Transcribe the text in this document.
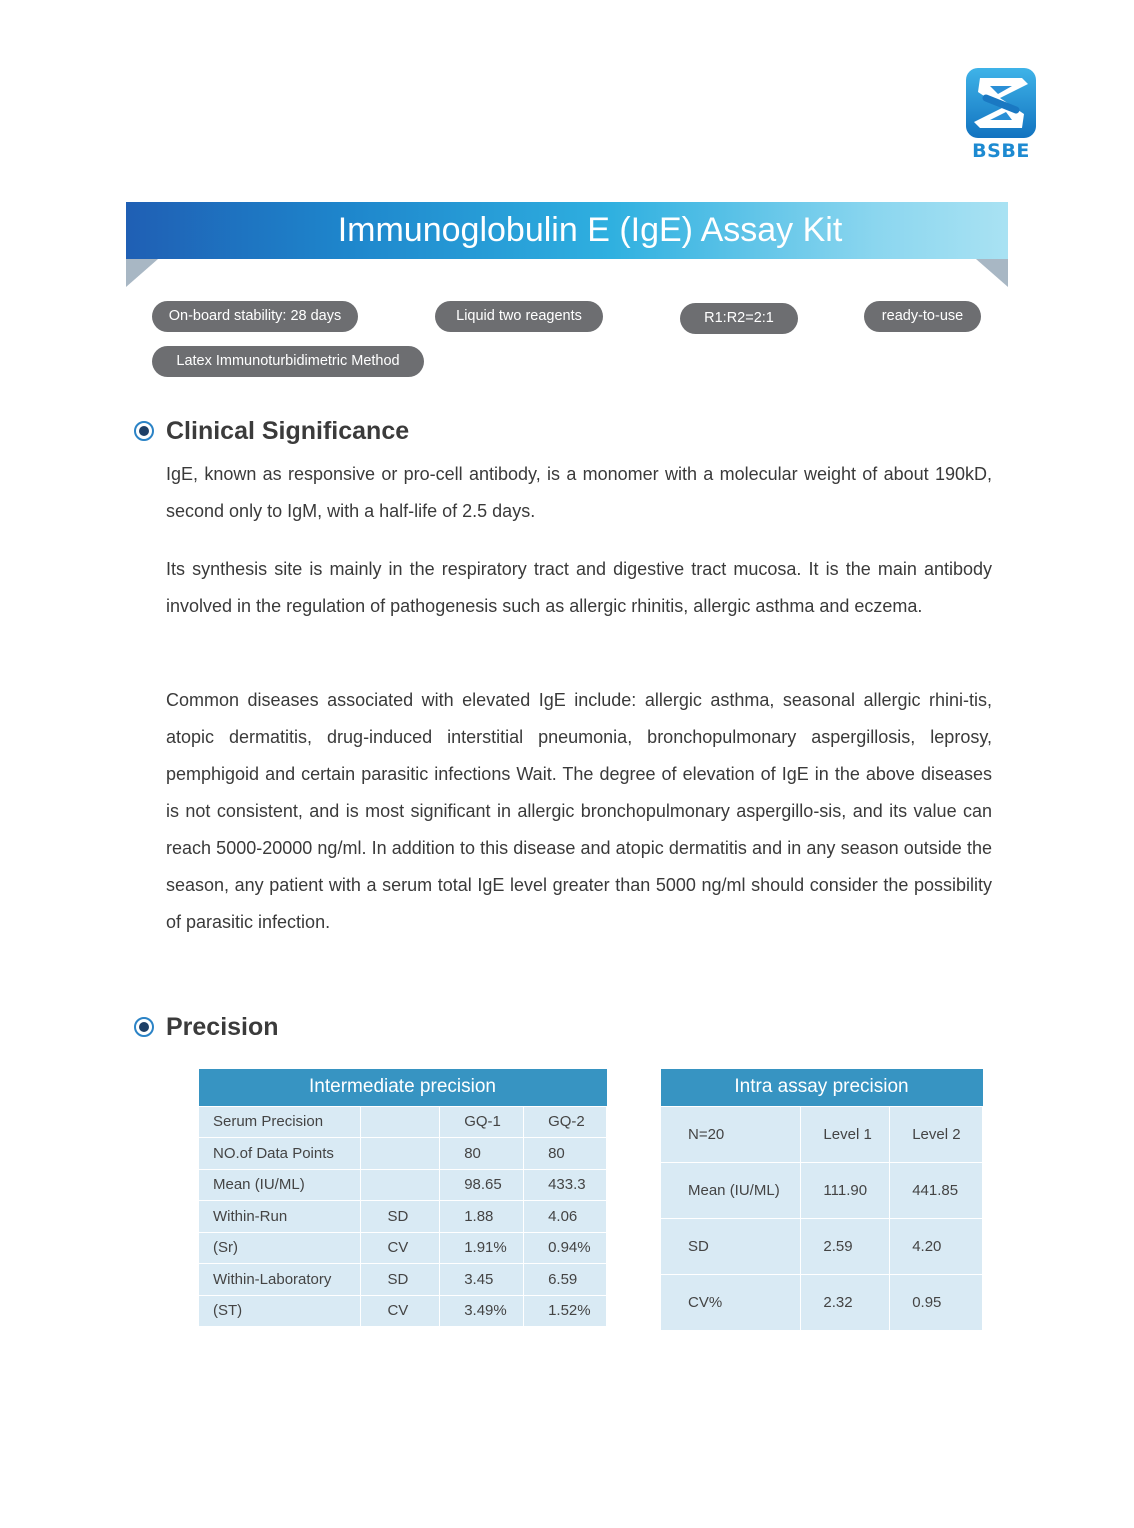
BSBE
Immunoglobulin E (IgE) Assay Kit
On-board stability: 28 days	Liquid two reagents	R1:R2=2:1	ready-to-use
Latex Immunoturbidimetric Method
Clinical Significance

IgE, known as responsive or pro-cell antibody, is a monomer with a molecular weight of about 190kD, second only to IgM, with a half-life of 2.5 days.

Its synthesis site is mainly in the respiratory tract and digestive tract mucosa. It is the main antibody involved in the regulation of pathogenesis such as allergic rhinitis, allergic asthma and eczema.

Common diseases associated with elevated IgE include: allergic asthma, seasonal allergic rhini-tis, atopic dermatitis, drug-induced interstitial pneumonia, bronchopulmonary aspergillosis, leprosy, pemphigoid and certain parasitic infections Wait. The degree of elevation of IgE in the above diseases is not consistent, and is most significant in allergic bronchopulmonary aspergillo-sis, and its value can reach 5000-20000 ng/ml. In addition to this disease and atopic dermatitis and in any season outside the season, any patient with a serum total IgE level greater than 5000 ng/ml should consider the possibility of parasitic infection.

Precision
Intermediate precision			
Serum Precision		GQ-1	GQ-2
NO.of Data Points		80	80
Mean (IU/ML)		98.65	433.3
Within-Run	SD	1.88	4.06
(Sr)	CV	1.91%	0.94%
Within-Laboratory	SD	3.45	6.59
(ST)	CV	3.49%	1.52%
Intra assay precision		
N=20	Level 1	Level 2
Mean (IU/ML)	111.90	441.85
SD	2.59	4.20
CV%	2.32	0.95
